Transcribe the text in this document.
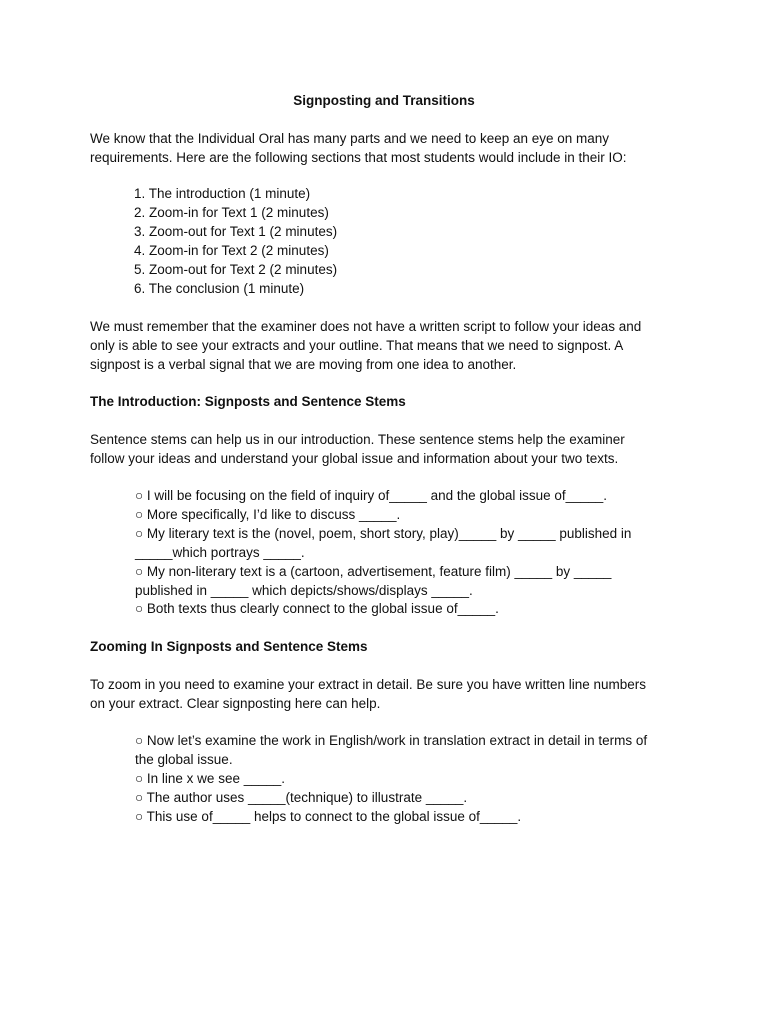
Signposting and Transitions

We know that the Individual Oral has many parts and we need to keep an eye on many requirements. Here are the following sections that most students would include in their IO:

1. The introduction (1 minute)
2. Zoom-in for Text 1 (2 minutes)
3. Zoom-out for Text 1 (2 minutes)
4. Zoom-in for Text 2 (2 minutes)
5. Zoom-out for Text 2 (2 minutes)
6. The conclusion (1 minute)

We must remember that the examiner does not have a written script to follow your ideas and only is able to see your extracts and your outline. That means that we need to signpost. A signpost is a verbal signal that we are moving from one idea to another.

The Introduction: Signposts and Sentence Stems

Sentence stems can help us in our introduction. These sentence stems help the examiner follow your ideas and understand your global issue and information about your two texts.

○ I will be focusing on the field of inquiry of_____ and the global issue of_____.
○ More specifically, I’d like to discuss _____.
○ My literary text is the (novel, poem, short story, play)_____ by _____ published in _____which portrays _____.
○ My non-literary text is a (cartoon, advertisement, feature film) _____ by _____ published in _____ which depicts/shows/displays _____.
○ Both texts thus clearly connect to the global issue of_____.
Zooming In Signposts and Sentence Stems

To zoom in you need to examine your extract in detail. Be sure you have written line numbers on your extract. Clear signposting here can help.

○ Now let’s examine the work in English/work in translation extract in detail in terms of the global issue.
○ In line x we see _____.
○ The author uses _____(technique) to illustrate _____.
○ This use of_____ helps to connect to the global issue of_____.
